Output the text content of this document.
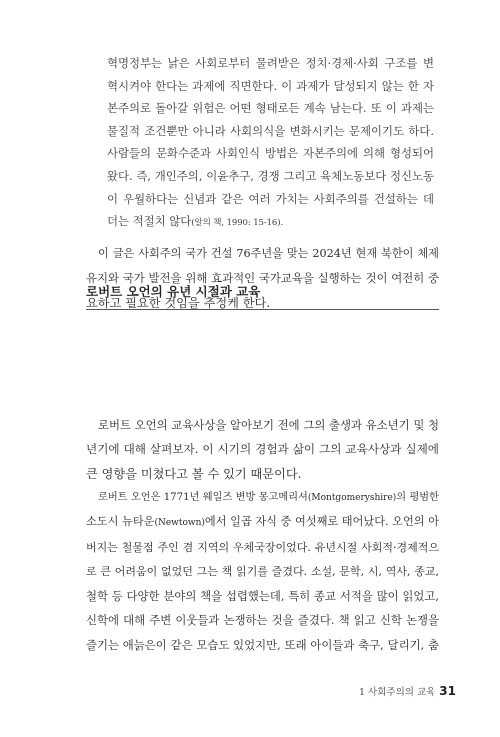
혁명정부는 낡은 사회로부터 물려받은 정치·경제·사회 구조를 변
혁시켜야 한다는 과제에 직면한다. 이 과제가 달성되지 않는 한 자
본주의로 돌아갈 위험은 어떤 형태로든 계속 남는다. 또 이 과제는
물질적 조건뿐만 아니라 사회의식을 변화시키는 문제이기도 하다.
사람들의 문화수준과 사회인식 방법은 자본주의에 의해 형성되어
왔다. 즉, 개인주의, 이윤추구, 경쟁 그리고 육체노동보다 정신노동
이 우월하다는 신념과 같은 여러 가치는 사회주의를 건설하는 데
더는 적절치 않다(알의 책, 1990: 15-16).
이 글은 사회주의 국가 건설 76주년을 맞는 2024년 현재 북한이 체제
유지와 국가 발전을 위해 효과적인 국가교육을 실행하는 것이 여전히 중
요하고 필요한 것임을 추정케 한다.
로버트 오언의 유년 시절과 교육
로버트 오언의 교육사상을 알아보기 전에 그의 출생과 유소년기 및 청
년기에 대해 살펴보자. 이 시기의 경험과 삶이 그의 교육사상과 실제에
큰 영향을 미쳤다고 볼 수 있기 때문이다.
로버트 오언은 1771년 웨일즈 변방 몽고메리셔(Montgomeryshire)의 평범한
소도시 뉴타운(Newtown)에서 일곱 자식 중 여섯째로 태어났다. 오언의 아
버지는 철물점 주인 겸 지역의 우체국장이었다. 유년시절 사회적·경제적으
로 큰 어려움이 없었던 그는 책 읽기를 즐겼다. 소설, 문학, 시, 역사, 종교,
철학 등 다양한 분야의 책을 섭렵했는데, 특히 종교 서적을 많이 읽었고,
신학에 대해 주변 이웃들과 논쟁하는 것을 즐겼다. 책 읽고 신학 논쟁을
즐기는 애늙은이 같은 모습도 있었지만, 또래 아이들과 축구, 달리기, 춤
1 사회주의의 교육 31
